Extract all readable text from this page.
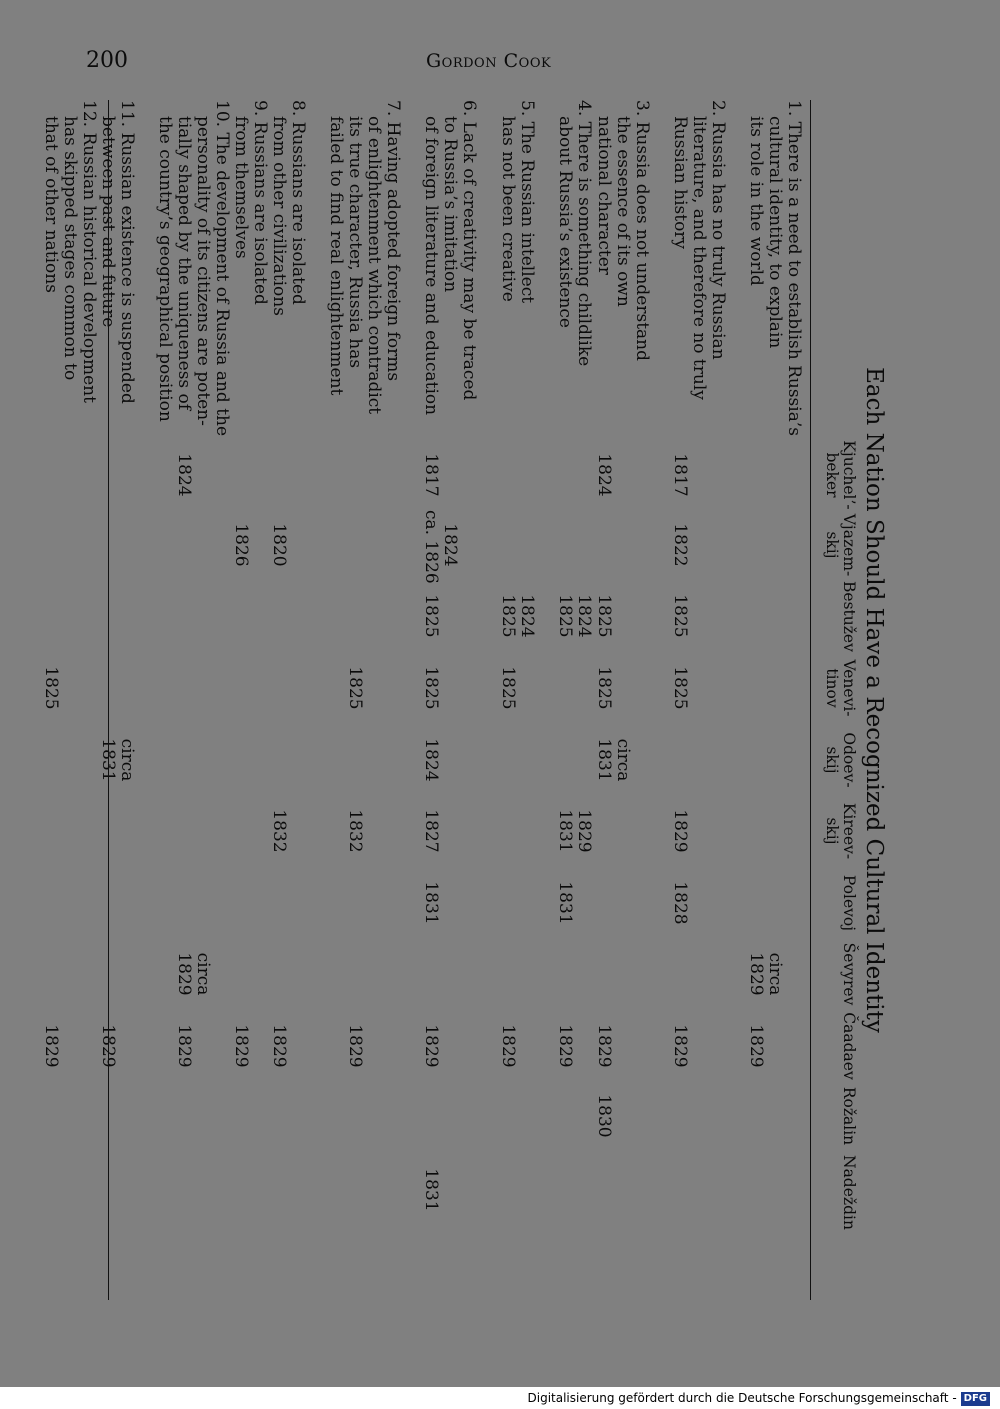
200	Gordon Cook
Each Nation Should Have a Recognized Cultural Identity
Kjuchel’-
beker
Vjazem-
skij
Bestužev
Venevi-
tinov
Odoev-
skij
Kireev-
skij
Polevoj
Ševyrev
Čaadaev
Rožalin
Nadeždin
1. There is a need to establish Russia’s
cultural identity, to explain
its role in the world
circa
1829
1829
2. Russia has no truly Russian
literature, and therefore no truly
Russian history
1817
1822
1825
1825
1829
1828
1829
3. Russia does not understand
the essence of its own
national character
1824
1825
1825
circa
1831
1829
1830
4. There is something childlike
about Russia’s existence
1824
1825
1829
1831
1831
1829
5. The Russian intellect
has not been creative
1824
1825
1825
1829
6. Lack of creativity may be traced
to Russia’s imitation
of foreign literature and education
1817
1824
ca. 1826
1825
1825
1824
1827
1831
1829
1831
7. Having adopted foreign forms
of enlightenment which contradict
its true character, Russia has
failed to find real enlightenment
1825
1832
1829
8. Russians are isolated
from other civilizations
1820
1832
1829
9. Russians are isolated
from themselves
1826
1829
10. The development of Russia and the
personality of its citizens are poten-
tially shaped by the uniqueness of
the country’s geographical position
1824
circa
1829
1829
11. Russian existence is suspended
between past and future
circa
1831
1829
12. Russian historical development
has skipped stages common to
that of other nations
1825
1829
Digitalisierung gefördert durch die Deutsche Forschungsgemeinschaft - DFG
